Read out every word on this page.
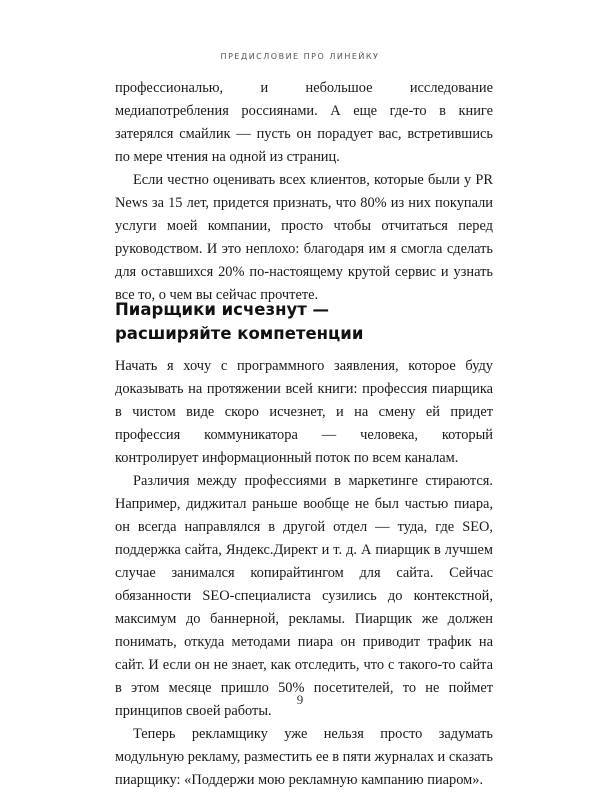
ПРЕДИСЛОВИЕ ПРО ЛИНЕЙКУ

профессиональю, и небольшое исследование медиапотребления россиянами. А еще где-то в книге затерялся смайлик — пусть он порадует вас, встретившись по мере чтения на одной из страниц.

Если честно оценивать всех клиентов, которые были у PR News за 15 лет, придется признать, что 80% из них покупали услуги моей компании, просто чтобы отчитаться перед руководством. И это неплохо: благодаря им я смогла сделать для оставшихся 20% по-настоящему крутой сервис и узнать все то, о чем вы сейчас прочтете.

Пиарщики исчезнут —
расширяйте компетенции

Начать я хочу с программного заявления, которое буду доказывать на протяжении всей книги: профессия пиарщика в чистом виде скоро исчезнет, и на смену ей придет профессия коммуникатора — человека, который контролирует информационный поток по всем каналам.

Различия между профессиями в маркетинге стираются. Например, диджитал раньше вообще не был частью пиара, он всегда направлялся в другой отдел — туда, где SEO, поддержка сайта, Яндекс.Директ и т. д. А пиарщик в лучшем случае занимался копирайтингом для сайта. Сейчас обязанности SEO-специалиста сузились до контекстной, максимум до баннерной, рекламы. Пиарщик же должен понимать, откуда методами пиара он приводит трафик на сайт. И если он не знает, как отследить, что с такого-то сайта в этом месяце пришло 50% посетителей, то не поймет принципов своей работы.

Теперь рекламщику уже нельзя просто задумать модульную рекламу, разместить ее в пяти журналах и сказать пиарщику: «Поддержи мою рекламную кампанию пиаром».

9
